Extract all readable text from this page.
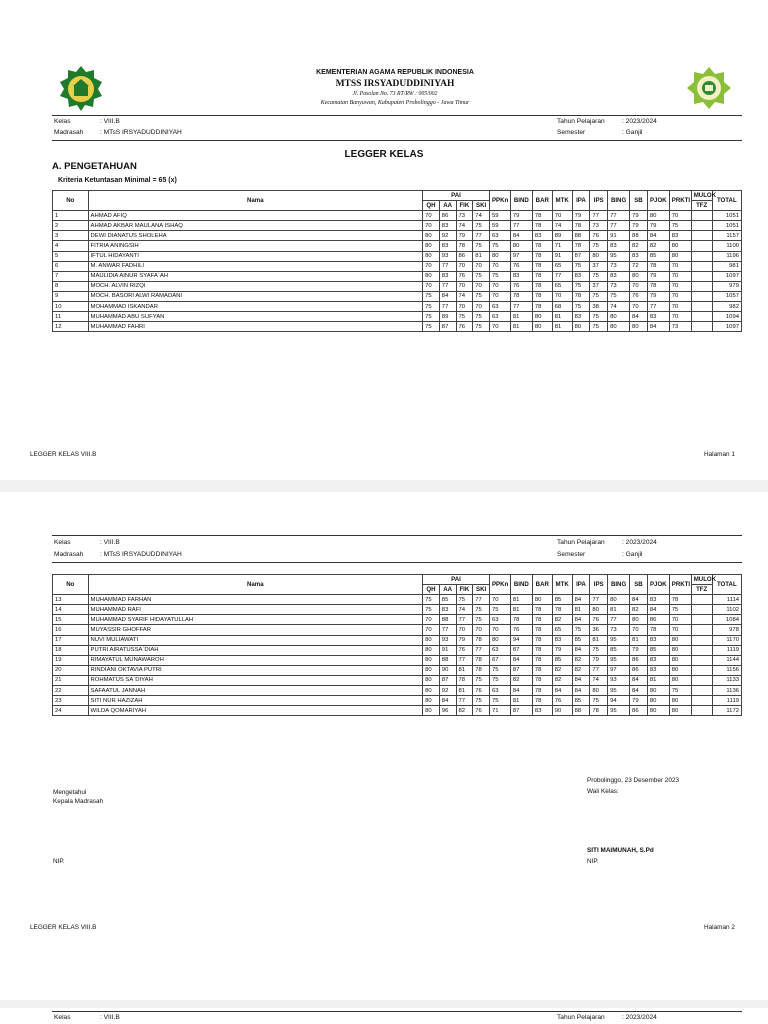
KEMENTERIAN AGAMA REPUBLIK INDONESIA
MTSS IRSYADUDDINIYAH
Jl. Pasolan No. 73 RT/RW : 005/002
Kecamatan Banyuwan, Kabupaten Probolinggo - Jawa Timur
Kelas	: VIII.B
Madrasah	: MTsS IRSYADUDDINIYAH
Tahun Pelajaran	: 2023/2024
Semester	: Ganjil
LEGGER KELAS
A. PENGETAHUAN
Kriteria Ketuntasan Minimal = 65 (x)
No	Nama	PAI				PPKn	BIND	BAR	MTK	IPA	IPS	BING	SB	PJOK	PRKTI	MULOK	TOTAL
		QH	AA	FIK	SKI											TFZ	
1	AHMAD AFIQ	70	86	73	74	59	79	78	70	79	77	77	79	80	70		1051
2	AHMAD AKBAR MAULANA ISHAQ	70	83	74	75	59	77	78	74	78	73	77	79	79	75		1051
3	DEWI DIANATUS SHOLEHA	80	92	79	77	63	84	83	89	88	76	91	88	84	83		1157
4	FITRIA ANINGSIH	80	83	78	75	75	80	78	71	78	75	83	82	82	80		1100
5	IFTUL HIDAYANTI	80	93	86	81	80	97	78	91	87	80	95	83	85	80		1196
6	M. ANWAR FADHILI	70	77	70	70	70	76	78	65	75	37	73	72	78	70		981
7	MAULIDIA AINUR SYAFA`AH	80	83	76	75	75	83	78	77	83	75	83	80	79	70		1097
8	MOCH. ALVIN RIZQI	70	77	70	70	70	76	78	65	75	37	73	70	78	70		979
9	MOCH. BASORI ALWI RAMADANI	75	84	74	75	70	78	78	70	78	75	75	76	79	70		1057
10	MOHAMMAD ISKANDAR	75	77	70	70	63	77	78	68	75	38	74	70	77	70		982
11	MUHAMMAD ABU SUFYAN	75	89	75	75	63	81	80	81	83	75	80	84	83	70		1094
12	MUHAMMAD FAHRI	75	87	76	75	70	81	80	81	80	75	80	80	84	73		1097
LEGGER KELAS VIII.B	Halaman 1
Kelas	: VIII.B
Madrasah	: MTsS IRSYADUDDINIYAH
Tahun Pelajaran	: 2023/2024
Semester	: Ganjil
No	Nama	PAI				PPKn	BIND	BAR	MTK	IPA	IPS	BING	SB	PJOK	PRKTI	MULOK	TOTAL
		QH	AA	FIK	SKI											TFZ	
13	MUHAMMAD FARHAN	75	85	75	77	70	81	80	85	84	77	80	84	83	78		1114
14	MUHAMMAD RAFI	75	83	74	75	75	81	78	78	81	80	81	82	84	75		1102
15	MUHAMMAD SYARIF HIDAYATULLAH	70	88	77	75	63	78	78	82	84	76	77	80	86	70		1084
16	MUYASSIR GHOFFAR	70	77	70	70	70	76	78	65	75	36	73	70	78	70		978
17	NUVI MULIAWATI	80	93	79	78	80	94	78	83	85	81	95	81	83	80		1170
18	PUTRI AIRATUSSA`DIAH	80	91	76	77	63	87	78	79	84	75	85	79	85	80		1119
19	RIMAYATUL MUNAWAROH	80	88	77	78	67	84	78	85	82	79	95	86	83	80		1144
20	RINDIANI OKTAVIA PUTRI	80	90	81	78	75	87	78	82	82	77	97	86	83	80		1156
21	ROHMATUS SA`DIYAH	80	87	78	75	75	82	78	82	84	74	93	84	81	80		1133
22	SAFAATUL JANNAH	80	92	81	76	63	84	78	84	84	80	95	84	80	75		1136
23	SITI NUR HAZIZAH	80	84	77	75	75	81	78	76	85	75	94	79	80	80		1119
24	WILDA QOMARIYAH	80	96	82	76	71	87	83	90	88	78	95	86	80	80		1172
Probolinggo, 23 Desember 2023
Wali Kelas:
Mengetahui
Kepala Madrasah
SITI MAIMUNAH, S.Pd
NIP.	NIP.
LEGGER KELAS VIII.B	Halaman 2
Kelas	: VIII.B	Tahun Pelajaran	: 2023/2024
